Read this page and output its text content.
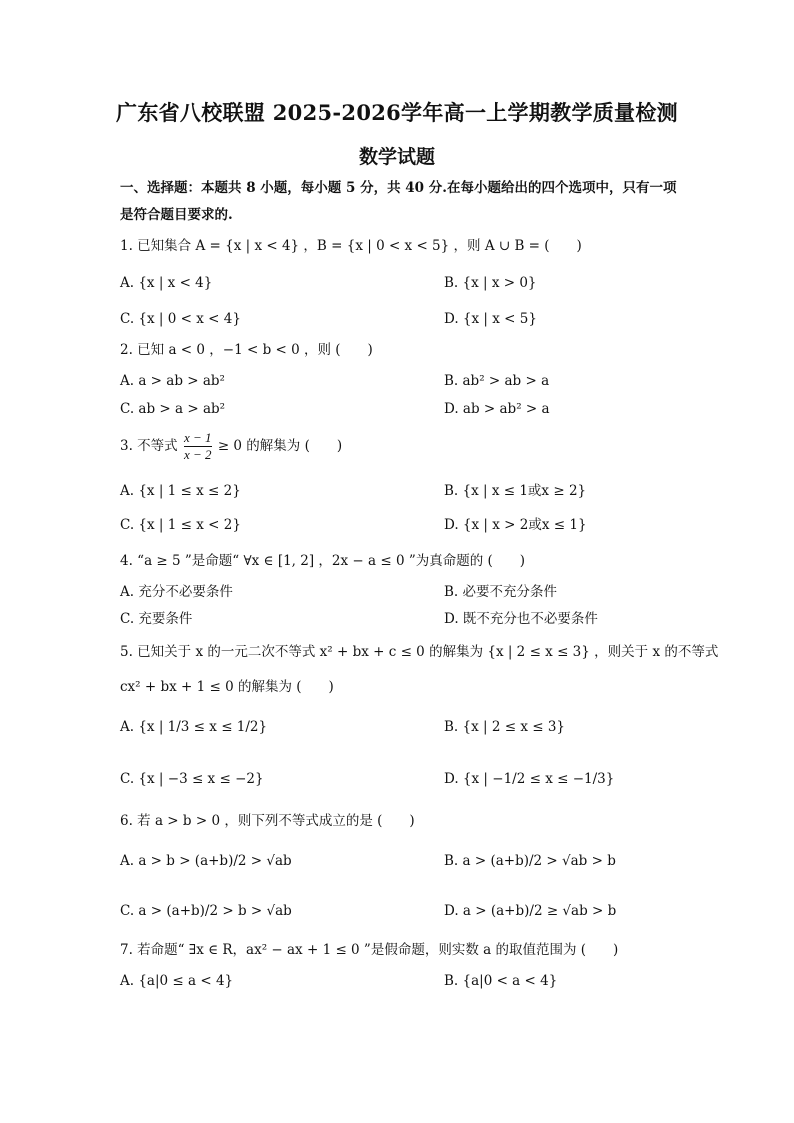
广东省八校联盟 2025-2026学年高一上学期教学质量检测
数学试题
一、选择题：本题共 8 小题，每小题 5 分，共 40 分.在每小题给出的四个选项中，只有一项
是符合题目要求的.
1. 已知集合 A = {x | x < 4} ，B = {x | 0 < x < 5} ，则 A ∪ B = (　　)
A. {x | x < 4}	B. {x | x > 0}
C. {x | 0 < x < 4}	D. {x | x < 5}
2. 已知 a < 0 ，−1 < b < 0 ，则 (　　)
A. a > ab > ab²	B. ab² > ab > a
C. ab > a > ab²	D. ab > ab² > a
3. 不等式 $\frac{x - 1}{x - 2} \ge 0$ 的解集为 (　　)
A. {x | 1 ≤ x ≤ 2}	B. {x | x ≤ 1或x ≥ 2}
C. {x | 1 ≤ x < 2}	D. {x | x > 2或x ≤ 1}
4. “a ≥ 5 ”是命题“ ∀x ∈ [1, 2] ，2x − a ≤ 0 ”为真命题的 (　　)
A. 充分不必要条件	B. 必要不充分条件
C. 充要条件	D. 既不充分也不必要条件
5. 已知关于 x 的一元二次不等式 x² + bx + c ≤ 0 的解集为 {x | 2 ≤ x ≤ 3} ，则关于 x 的不等式
cx² + bx + 1 ≤ 0 的解集为 (　　)
A. {x | 1/3 ≤ x ≤ 1/2}	B. {x | 2 ≤ x ≤ 3}
C. {x | −3 ≤ x ≤ −2}	D. {x | −1/2 ≤ x ≤ −1/3}
6. 若 a > b > 0 ，则下列不等式成立的是 (　　)
A. a > b > (a+b)/2 > √ab	B. a > (a+b)/2 > √ab > b
C. a > (a+b)/2 > b > √ab	D. a > (a+b)/2 ≥ √ab > b
7. 若命题“ ∃x ∈ R，ax² − ax + 1 ≤ 0 ”是假命题，则实数 a 的取值范围为 (　　)
A. {a|0 ≤ a < 4}	B. {a|0 < a < 4}
